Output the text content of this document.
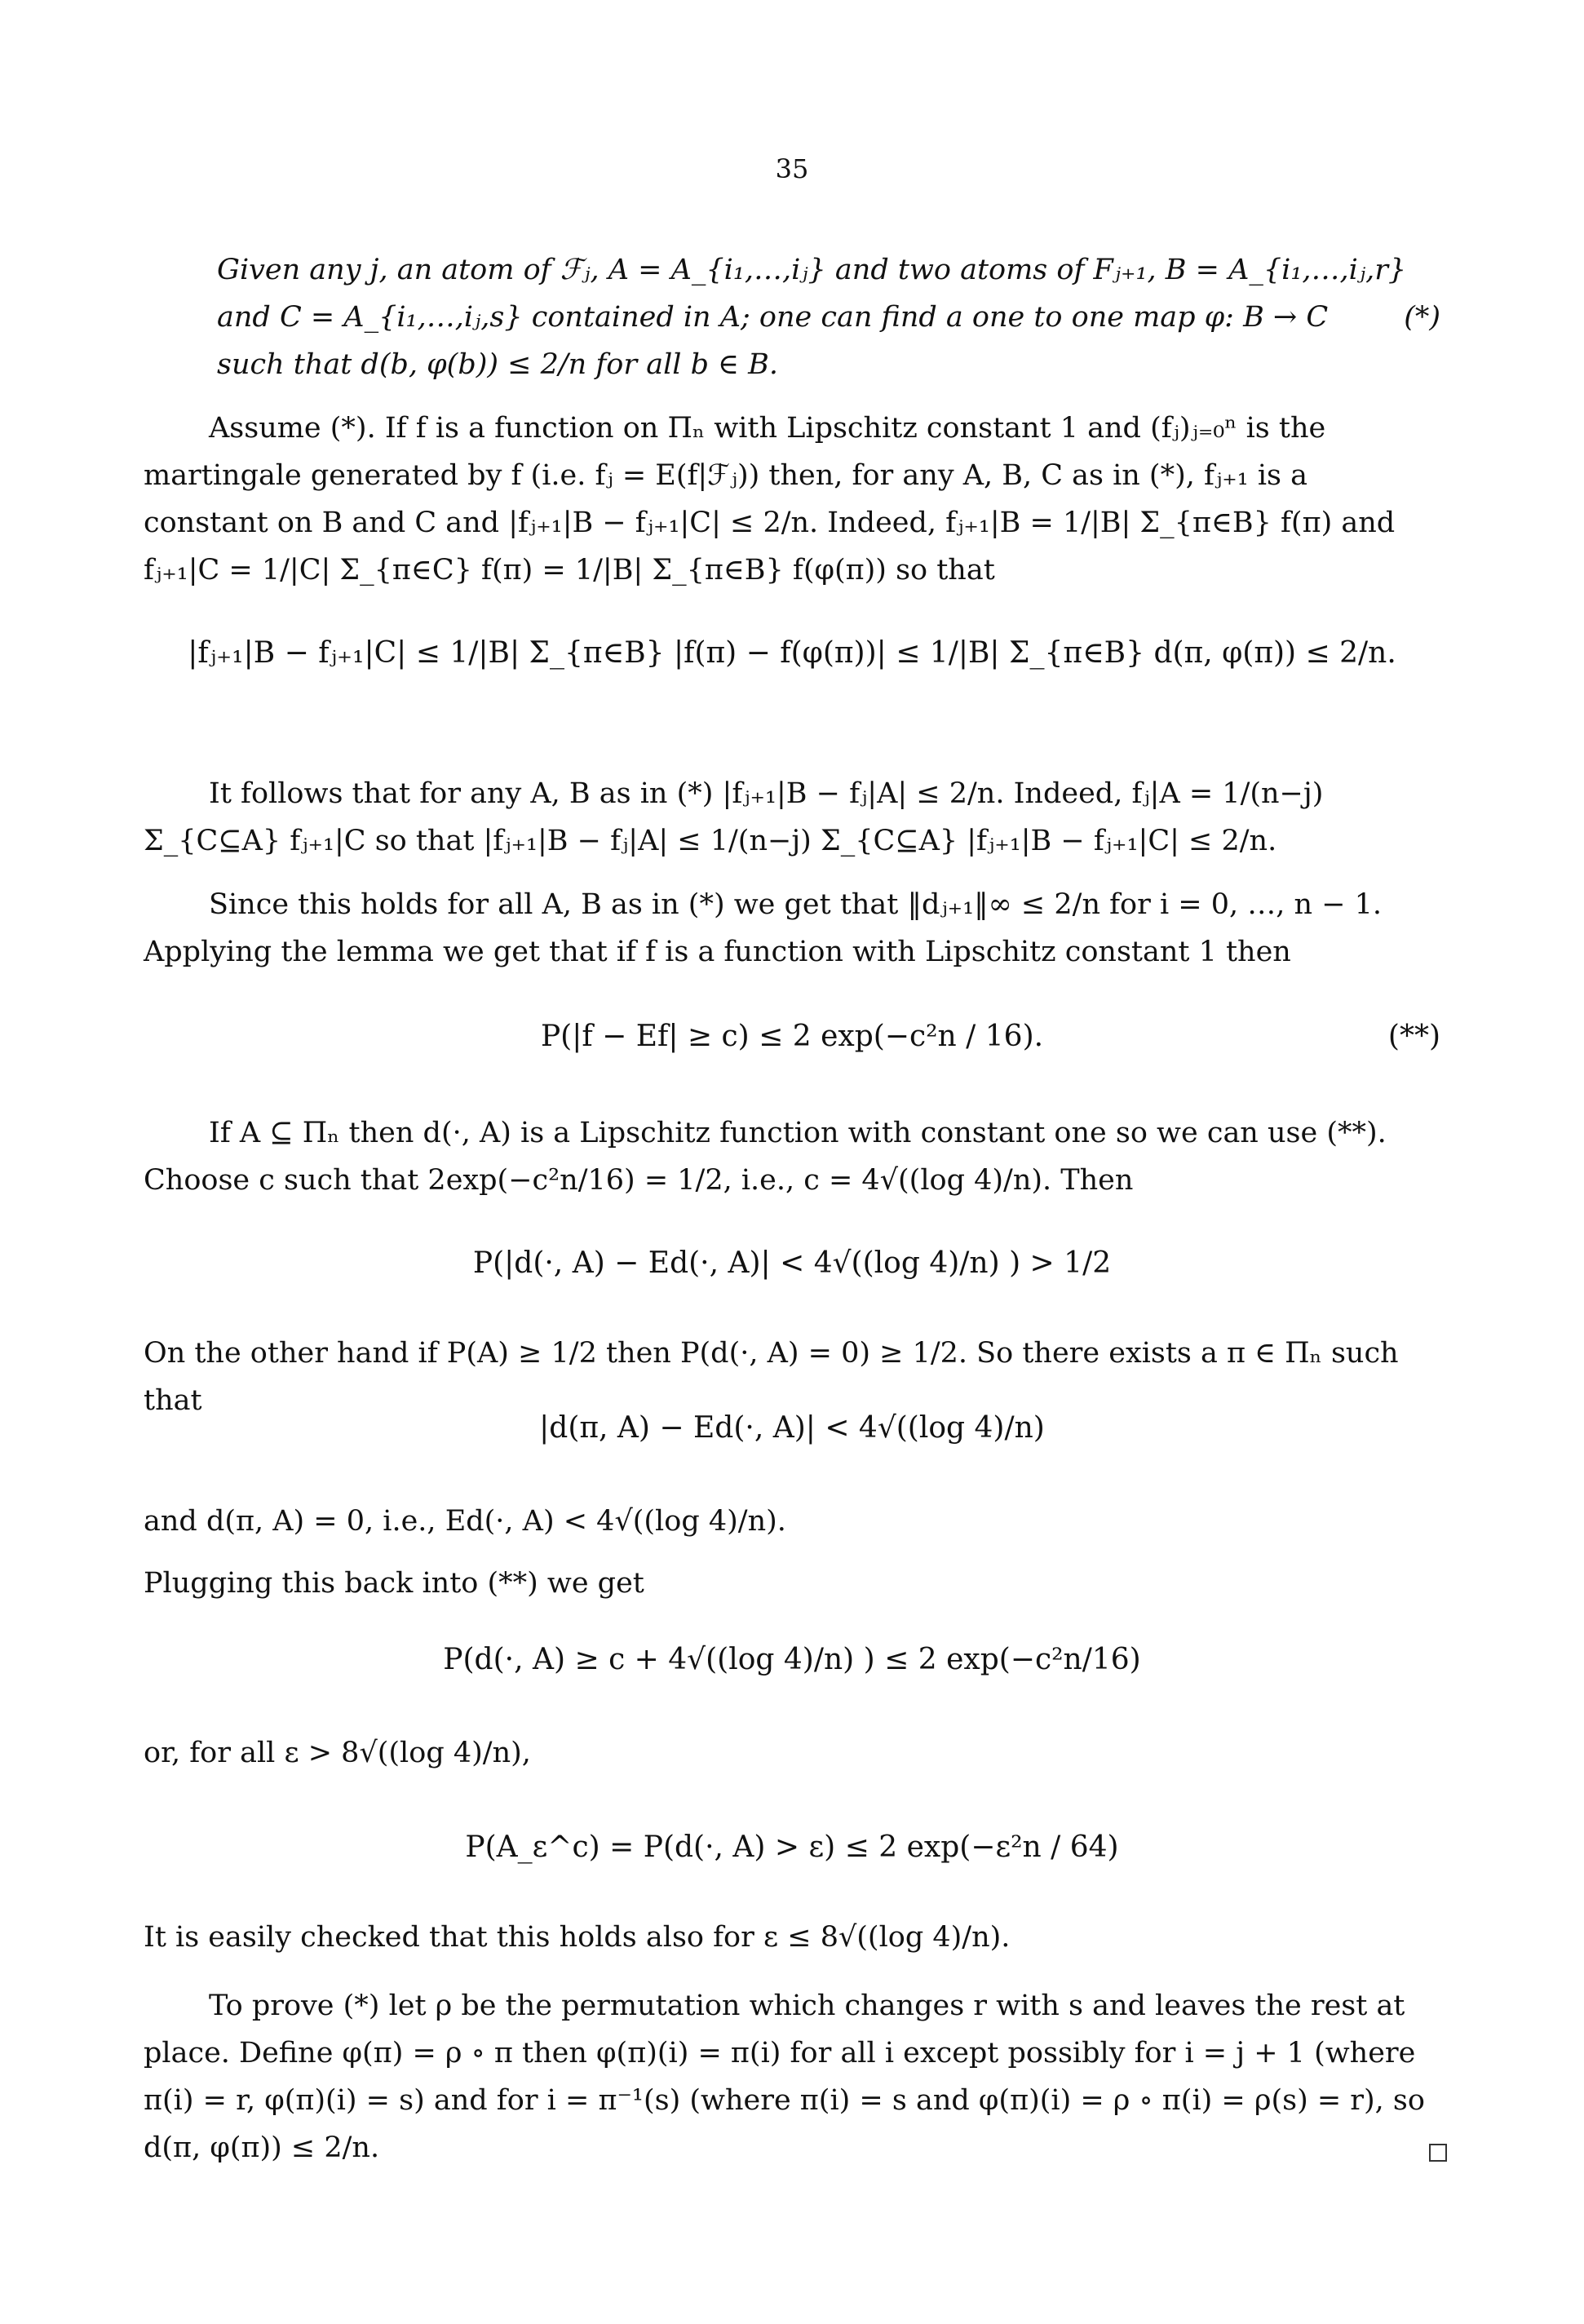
35

Given any j, an atom of ℱⱼ, A = A_{i₁,…,iⱼ} and two atoms of Fⱼ₊₁, B = A_{i₁,…,iⱼ,r}

and C = A_{i₁,…,iⱼ,s} contained in A; one can find a one to one map φ: B → C

such that d(b, φ(b)) ≤ 2/n for all b ∈ B.

(*)

Assume (*). If f is a function on Πₙ with Lipschitz constant 1 and (fⱼ)ⱼ₌₀ⁿ is the martingale generated by f (i.e. fⱼ = E(f|ℱⱼ)) then, for any A, B, C as in (*), fⱼ₊₁ is a constant on B and C and |fⱼ₊₁|B − fⱼ₊₁|C| ≤ 2/n. Indeed, fⱼ₊₁|B = 1/|B| Σ_{π∈B} f(π) and fⱼ₊₁|C = 1/|C| Σ_{π∈C} f(π) = 1/|B| Σ_{π∈B} f(φ(π)) so that

|fⱼ₊₁|B − fⱼ₊₁|C| ≤ 1/|B| Σ_{π∈B} |f(π) − f(φ(π))| ≤ 1/|B| Σ_{π∈B} d(π, φ(π)) ≤ 2/n.

It follows that for any A, B as in (*) |fⱼ₊₁|B − fⱼ|A| ≤ 2/n. Indeed, fⱼ|A = 1/(n−j) Σ_{C⊆A} fⱼ₊₁|C so that |fⱼ₊₁|B − fⱼ|A| ≤ 1/(n−j) Σ_{C⊆A} |fⱼ₊₁|B − fⱼ₊₁|C| ≤ 2/n.

Since this holds for all A, B as in (*) we get that ‖dⱼ₊₁‖∞ ≤ 2/n for i = 0, …, n − 1. Applying the lemma we get that if f is a function with Lipschitz constant 1 then

P(|f − Ef| ≥ c) ≤ 2 exp(−c²n / 16).	(**)

If A ⊆ Πₙ then d(·, A) is a Lipschitz function with constant one so we can use (**). Choose c such that 2exp(−c²n/16) = 1/2, i.e., c = 4√((log 4)/n). Then

P(|d(·, A) − Ed(·, A)| < 4√((log 4)/n) ) > 1/2

On the other hand if P(A) ≥ 1/2 then P(d(·, A) = 0) ≥ 1/2. So there exists a π ∈ Πₙ such that

|d(π, A) − Ed(·, A)| < 4√((log 4)/n)

and d(π, A) = 0, i.e., Ed(·, A) < 4√((log 4)/n).

Plugging this back into (**) we get

P(d(·, A) ≥ c + 4√((log 4)/n) ) ≤ 2 exp(−c²n/16)

or, for all ε > 8√((log 4)/n),

P(A_ε^c) = P(d(·, A) > ε) ≤ 2 exp(−ε²n / 64)

It is easily checked that this holds also for ε ≤ 8√((log 4)/n).

To prove (*) let ρ be the permutation which changes r with s and leaves the rest at place. Define φ(π) = ρ ∘ π then φ(π)(i) = π(i) for all i except possibly for i = j + 1 (where π(i) = r, φ(π)(i) = s) and for i = π⁻¹(s) (where π(i) = s and φ(π)(i) = ρ ∘ π(i) = ρ(s) = r), so d(π, φ(π)) ≤ 2/n.
